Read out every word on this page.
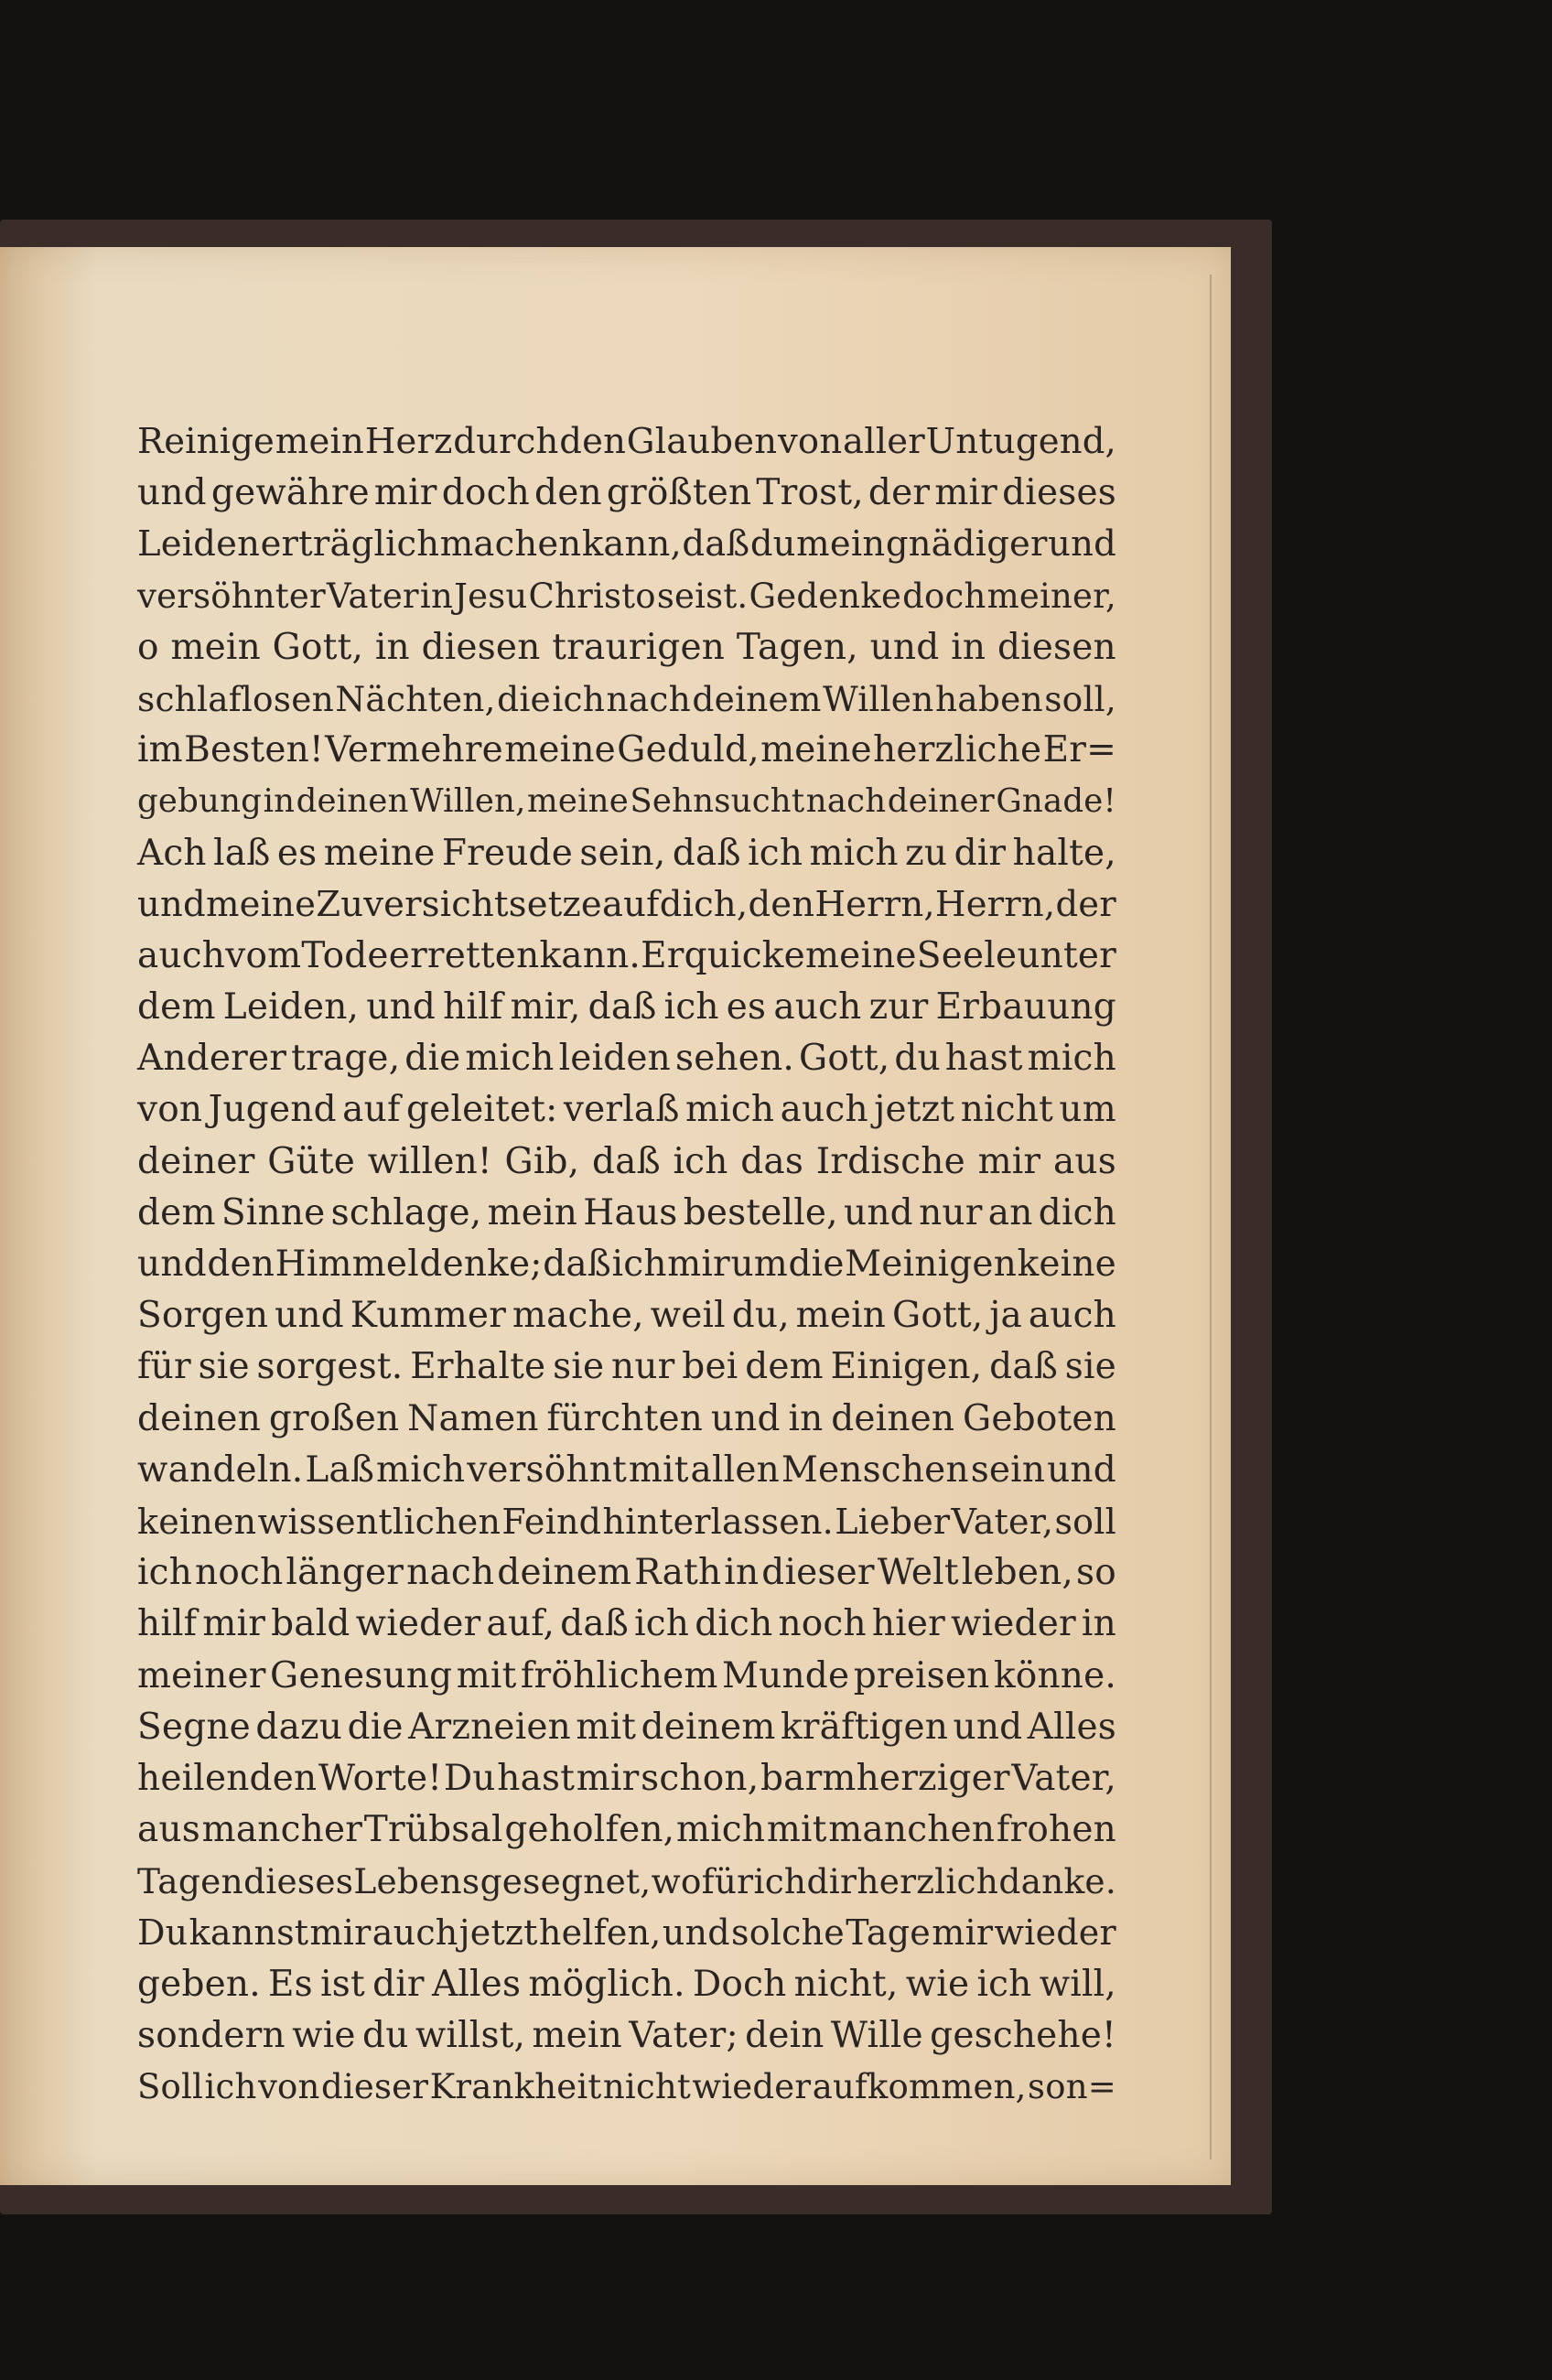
Reinige mein Herz durch den Glauben von aller Untugend,
und gewähre mir doch den größten Trost, der mir dieses
Leiden erträglich machen kann, daß du mein gnädiger und
versöhnter Vater in Jesu Christo seist. Gedenke doch meiner,
o mein Gott, in diesen traurigen Tagen, und in diesen
schlaflosen Nächten, die ich nach deinem Willen haben soll,
im Besten! Vermehre meine Geduld, meine herzliche Er=
gebung in deinen Willen, meine Sehnsucht nach deiner Gnade!
Ach laß es meine Freude sein, daß ich mich zu dir halte,
und meine Zuversicht setze auf dich, den Herrn, Herrn, der
auch vom Tode erretten kann. Erquicke meine Seele unter
dem Leiden, und hilf mir, daß ich es auch zur Erbauung
Anderer trage, die mich leiden sehen. Gott, du hast mich
von Jugend auf geleitet: verlaß mich auch jetzt nicht um
deiner Güte willen! Gib, daß ich das Irdische mir aus
dem Sinne schlage, mein Haus bestelle, und nur an dich
und den Himmel denke; daß ich mir um die Meinigen keine
Sorgen und Kummer mache, weil du, mein Gott, ja auch
für sie sorgest. Erhalte sie nur bei dem Einigen, daß sie
deinen großen Namen fürchten und in deinen Geboten
wandeln. Laß mich versöhnt mit allen Menschen sein und
keinen wissentlichen Feind hinterlassen. Lieber Vater, soll
ich noch länger nach deinem Rath in dieser Welt leben, so
hilf mir bald wieder auf, daß ich dich noch hier wieder in
meiner Genesung mit fröhlichem Munde preisen könne.
Segne dazu die Arzneien mit deinem kräftigen und Alles
heilenden Worte! Du hast mir schon, barmherziger Vater,
aus mancher Trübsal geholfen, mich mit manchen frohen
Tagen dieses Lebens gesegnet, wofür ich dir herzlich danke.
Du kannst mir auch jetzt helfen, und solche Tage mir wieder
geben. Es ist dir Alles möglich. Doch nicht, wie ich will,
sondern wie du willst, mein Vater; dein Wille geschehe!
Soll ich von dieser Krankheit nicht wieder aufkommen, son=
